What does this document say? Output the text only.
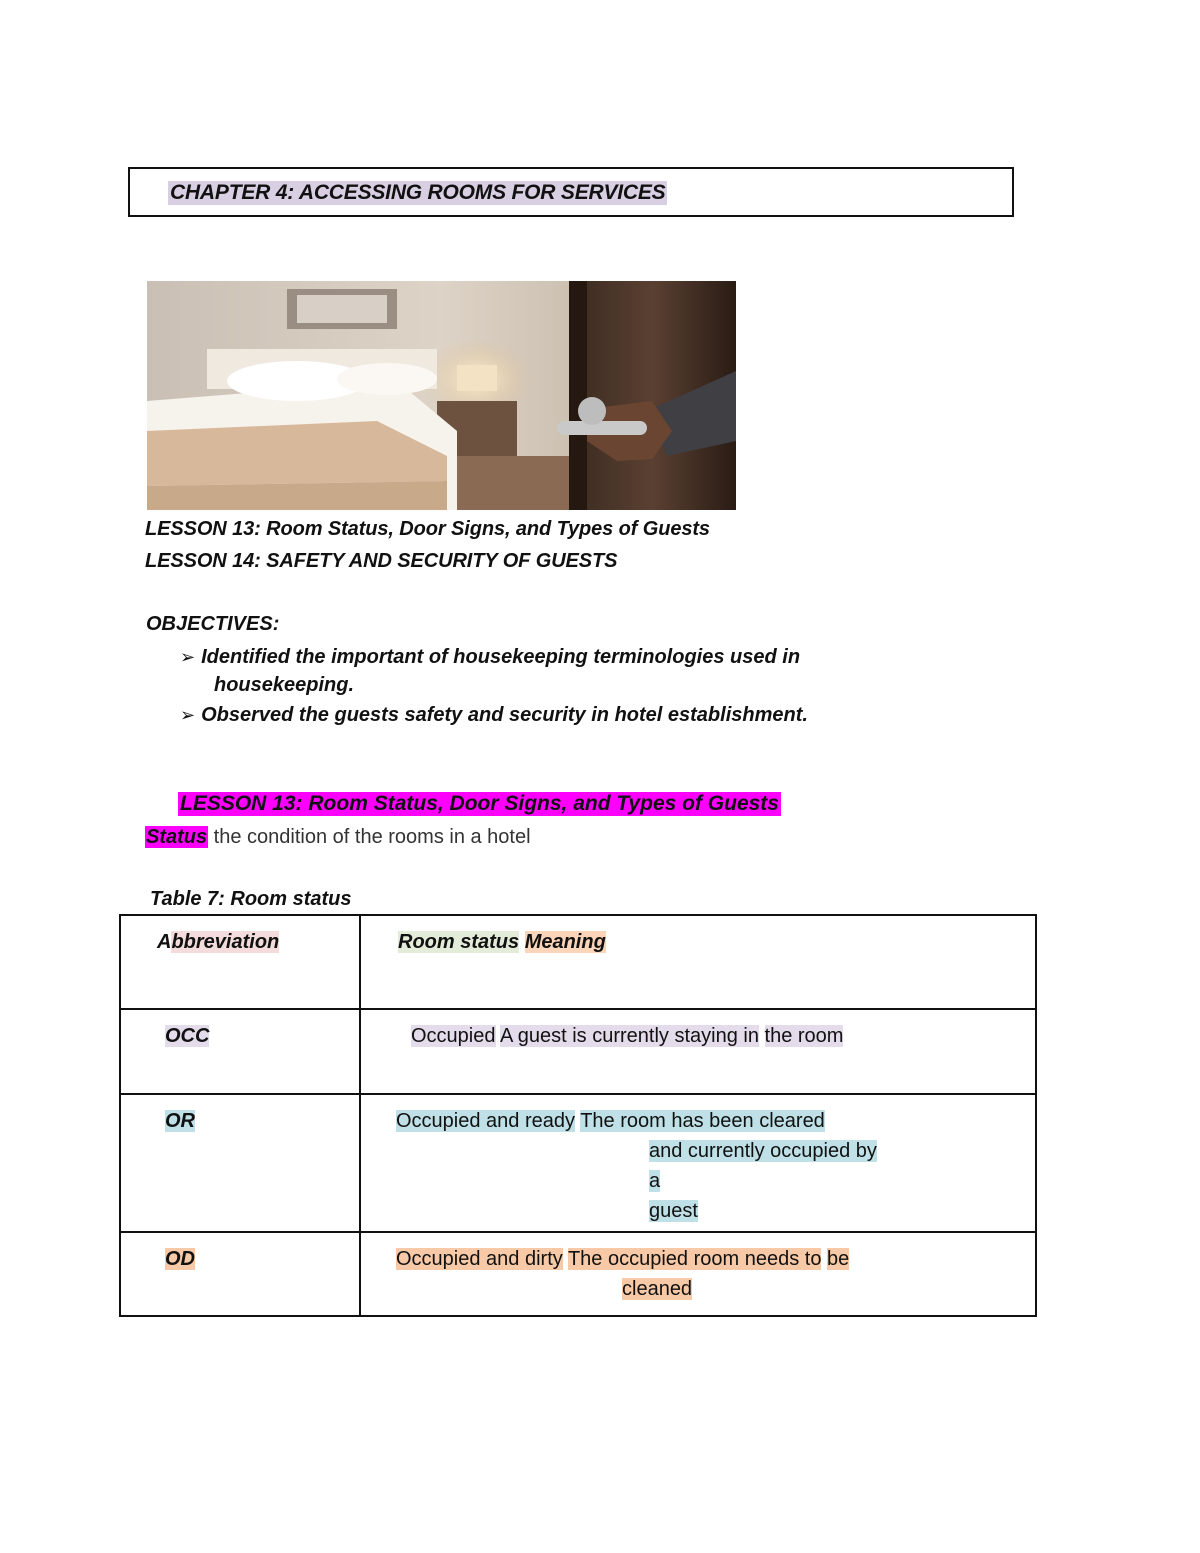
CHAPTER 4: ACCESSING ROOMS FOR SERVICES
LESSON 13: Room Status, Door Signs, and Types of Guests
LESSON 14: SAFETY AND SECURITY OF GUESTS
OBJECTIVES:
➢ Identified the important of housekeeping terminologies used in
housekeeping.
➢ Observed the guests safety and security in hotel establishment.
LESSON 13: Room Status, Door Signs, and Types of Guests
Status the condition of the rooms in a hotel
Table 7: Room status
Abbreviation	Room status Meaning

OCC	Occupied A guest is currently staying in the room

OR	Occupied and ready The room has been cleared
and currently occupied by
a
guest

OD	Occupied and dirty The occupied room needs to be
cleaned
